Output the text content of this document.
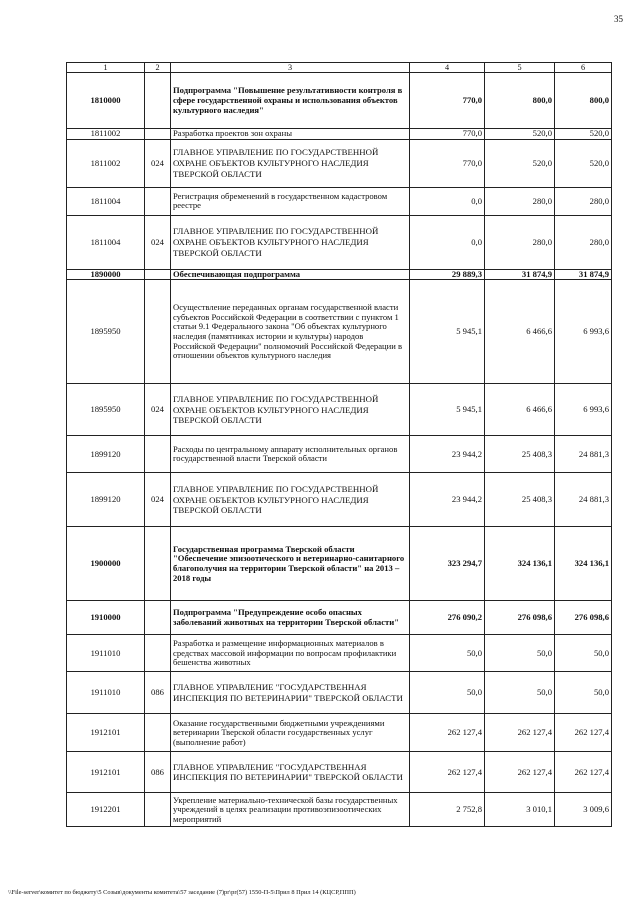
35
1	2	3	4	5	6
1810000		Подпрограмма "Повышение результативности контроля в сфере государственной охраны и использования объектов культурного наследия"	770,0	800,0	800,0
1811002		Разработка проектов зон охраны	770,0	520,0	520,0
1811002	024	ГЛАВНОЕ УПРАВЛЕНИЕ ПО ГОСУДАРСТВЕННОЙ ОХРАНЕ ОБЪЕКТОВ КУЛЬТУРНОГО НАСЛЕДИЯ ТВЕРСКОЙ ОБЛАСТИ	770,0	520,0	520,0
1811004		Регистрация обременений в государственном кадастровом реестре	0,0	280,0	280,0
1811004	024	ГЛАВНОЕ УПРАВЛЕНИЕ ПО ГОСУДАРСТВЕННОЙ ОХРАНЕ ОБЪЕКТОВ КУЛЬТУРНОГО НАСЛЕДИЯ ТВЕРСКОЙ ОБЛАСТИ	0,0	280,0	280,0
1890000		Обеспечивающая подпрограмма	29 889,3	31 874,9	31 874,9
1895950		Осуществление переданных органам государственной власти субъектов Российской Федерации в соответствии с пунктом 1 статьи 9.1 Федерального закона "Об объектах культурного наследия (памятниках истории и культуры) народов Российской Федерации" полномочий Российской Федерации в отношении объектов культурного наследия	5 945,1	6 466,6	6 993,6
1895950	024	ГЛАВНОЕ УПРАВЛЕНИЕ ПО ГОСУДАРСТВЕННОЙ ОХРАНЕ ОБЪЕКТОВ КУЛЬТУРНОГО НАСЛЕДИЯ ТВЕРСКОЙ ОБЛАСТИ	5 945,1	6 466,6	6 993,6
1899120		Расходы по центральному аппарату исполнительных органов государственной власти Тверской области	23 944,2	25 408,3	24 881,3
1899120	024	ГЛАВНОЕ УПРАВЛЕНИЕ ПО ГОСУДАРСТВЕННОЙ ОХРАНЕ ОБЪЕКТОВ КУЛЬТУРНОГО НАСЛЕДИЯ ТВЕРСКОЙ ОБЛАСТИ	23 944,2	25 408,3	24 881,3
1900000		Государственная программа Тверской области "Обеспечение эпизоотического и ветеринарно-санитарного благополучия на территории Тверской области" на 2013 – 2018 годы	323 294,7	324 136,1	324 136,1
1910000		Подпрограмма "Предупреждение особо опасных заболеваний животных на территории Тверской области"	276 090,2	276 098,6	276 098,6
1911010		Разработка и размещение информационных материалов в средствах массовой информации по вопросам профилактики бешенства животных	50,0	50,0	50,0
1911010	086	ГЛАВНОЕ УПРАВЛЕНИЕ "ГОСУДАРСТВЕННАЯ ИНСПЕКЦИЯ ПО ВЕТЕРИНАРИИ" ТВЕРСКОЙ ОБЛАСТИ	50,0	50,0	50,0
1912101		Оказание государственными бюджетными учреждениями ветеринарии Тверской области государственных услуг (выполнение работ)	262 127,4	262 127,4	262 127,4
1912101	086	ГЛАВНОЕ УПРАВЛЕНИЕ "ГОСУДАРСТВЕННАЯ ИНСПЕКЦИЯ ПО ВЕТЕРИНАРИИ" ТВЕРСКОЙ ОБЛАСТИ	262 127,4	262 127,4	262 127,4
1912201		Укрепление материально-технической базы государственных учреждений в целях реализации противоэпизоотических мероприятий	2 752,8	3 010,1	3 009,6
\\File-server\комитет по бюджету\5 Созыв\документы комитета\57 заседание (7)pr\pr(57) 1550-П-5\Прил 8 Прил 14 (КЦСР,ППП)
